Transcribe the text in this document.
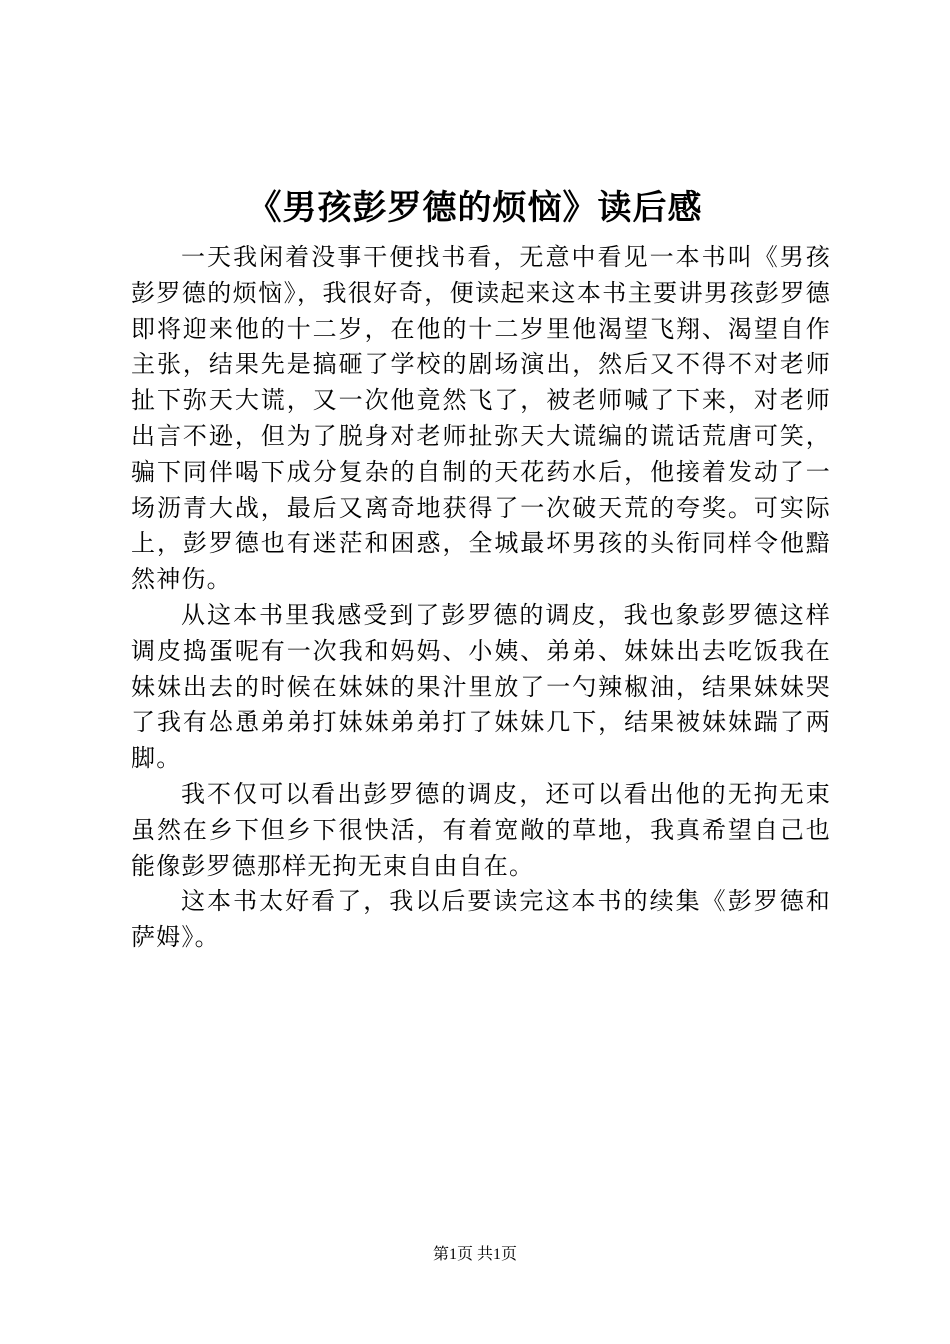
《男孩彭罗德的烦恼》读后感

一天我闲着没事干便找书看，无意中看见一本书叫《男孩彭罗德的烦恼》，我很好奇，便读起来这本书主要讲男孩彭罗德即将迎来他的十二岁，在他的十二岁里他渴望飞翔、渴望自作主张，结果先是搞砸了学校的剧场演出，然后又不得不对老师扯下弥天大谎，又一次他竟然飞了，被老师喊了下来，对老师出言不逊，但为了脱身对老师扯弥天大谎编的谎话荒唐可笑，骗下同伴喝下成分复杂的自制的天花药水后，他接着发动了一场沥青大战，最后又离奇地获得了一次破天荒的夸奖。可实际上，彭罗德也有迷茫和困惑，全城最坏男孩的头衔同样令他黯然神伤。

从这本书里我感受到了彭罗德的调皮，我也象彭罗德这样调皮捣蛋呢有一次我和妈妈、小姨、弟弟、妹妹出去吃饭我在妹妹出去的时候在妹妹的果汁里放了一勺辣椒油，结果妹妹哭了我有怂恿弟弟打妹妹弟弟打了妹妹几下，结果被妹妹踹了两脚。

我不仅可以看出彭罗德的调皮，还可以看出他的无拘无束虽然在乡下但乡下很快活，有着宽敞的草地，我真希望自己也能像彭罗德那样无拘无束自由自在。

这本书太好看了，我以后要读完这本书的续集《彭罗德和萨姆》。

第1页 共1页
